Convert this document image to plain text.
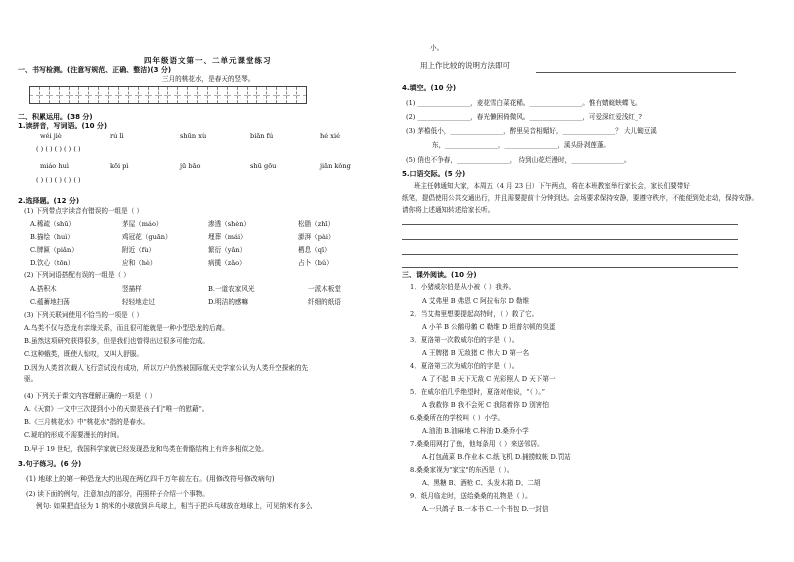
四年级语文第一、二单元课堂练习
一、书写检测。(注意写规范、正确、整洁)(3 分)
三月的桃花水，是春天的竖琴。
二、积累运用。(38 分)
1.读拼音，写词语。(10 分)
wéi jiè	rú lì	shūn xù	biān fú	hé xié
( ) ( ) ( ) ( ) ( )
miáo huì	kōi pì	jū bāo	shū gōu	jiān kǒng
( ) ( ) ( ) ( ) ( )
2.选择题。(12 分)
(1) 下列带点字读音有错误的一组是（ ）
A.稀疏（shū）	茅屋（máo）	渗透（shèn）	松脂（zhī）
B.描绘（huì）	鸡冠花（guān）	埋葬（mái）	澎湃（pài）
C.牌匾（piǎn）	附近（fù）	繁衍（yǎn）	栖息（qī）
D.饮心（tōn）	应和（hè）	病揽（zǎo）	占卜（bǔ）
(2) 下列词语搭配有误的一组是（ ）
A.搭积木	竖描样	B.一道农家风光	一派木板堂
C.蕴蓄地扫荡	轻轻地走过	D.明洁的感嘛	纤细的纸语
(3) 下列关联词使用不恰当的一项是（ ）
A.鸟类不仅与恐龙有亲缘关系，而且很可能就是一种小型恐龙的后裔。
B.虽然这项研究获得很多，但是我们也曾得出过很多可能完成。
C.这种蛾类，既使人惊叹，又叫人舒服。
D.因为人类首次载人飞行尝试没有成功，所以万户仍然被国际航天史学家公认为人类升空探索的先
驱。
(4) 下列关于课文内容理解正确的一项是（ ）
A.《天窗》一文中三次提到小小的天窗是孩子们"唯一的慰藉"。
B.《三月桃花水》中"桃花水"指的是春水。
C.琥珀的形成不需要漫长的时间。
D.早于 19 世纪，我国科学家就已经发现恐龙和鸟类在骨骼结构上有许多相似之处。
3.句子练习。(6 分)
(1) 地球上的第一种恐龙大约出现在两亿四千万年前左右。(用修改符号修改病句)
(2) 读下面的例句，注意加点的部分，再照样子介绍一个事物。
例句: 如果把直径为 1 纳米的小球放到乒乓球上，相当于把乒乓球放在地球上，可见纳米有多么
小。
用上作比较的说明方法即可
4.填空。(10 分)
(1) ________________，麦花雪白菜花稀。________________。惟有蜻蜓蛱蝶飞。
(2) ________________，春光懒困倚微风。________________，可爱深红爱浅红_?
(3) 茅檐低小，________________，醉里吴音相媚好，________________？ 大儿锄豆溪
东，________________，________________，溪头卧剥莲蓬。
(5) 俏也不争春，________________， 待到山花烂漫时，________________。
5.口语交际。(5 分)
班主任韩通知大家，本周五（4 月 23 日）下午两点，将在本班教室举行家长会，家长们要带好
纸笔，提倡使用公共交通出行，并且需要提前十分钟到达。会场要求保持安静，要遵守秩序，不能便到处走动，保持安静。
请你将上述通知转述给家长听。
三、课外阅读。(10 分)
1．小猪威尔伯是从小被（ ）我养。
A 艾弗里 B 弗恩 C 阿拉布尔 D 勒维
2．当艾弗里想要提起高特时，（ ）救了它。
A 小羊 B 公鹅母鹅 C 勒维 D 坦普尔顿的臭蛋
3．夏洛第一次救威尔伯的字是（ ）。
A 王牌猪 B 无敌猪 C 伟大 D 第一名
4．夏洛第三次为威尔伯的字是（ ）。
A 了不起 B 天下无敌 C 光彩照人 D 天下第一
5．在威尔伯几乎绝望时，夏洛对他说，“（ ）。”
A 我救你 B 我不会死 C 我陪着你 D 别害怕
6.桑桑所在的学校叫（ ）小学。
A.油油 B.油麻地 C.梓油 D.桑乔小学
7.桑桑用网打了鱼，他每条用（ ）来送邻居。
A.打包蔬菜 B.作业本 C.纸飞机 D.捕捞蚊帐 D.罚站
8.桑桑家视为"家宝"的东西是（ ）。
A、黑糖 B、酒枪 C、头发木箱 D、二胡
9．纸月临走时，送给桑桑的礼物是（ ）。
A.一只鸽子 B.一本书 C.一个书包 D.一封信
